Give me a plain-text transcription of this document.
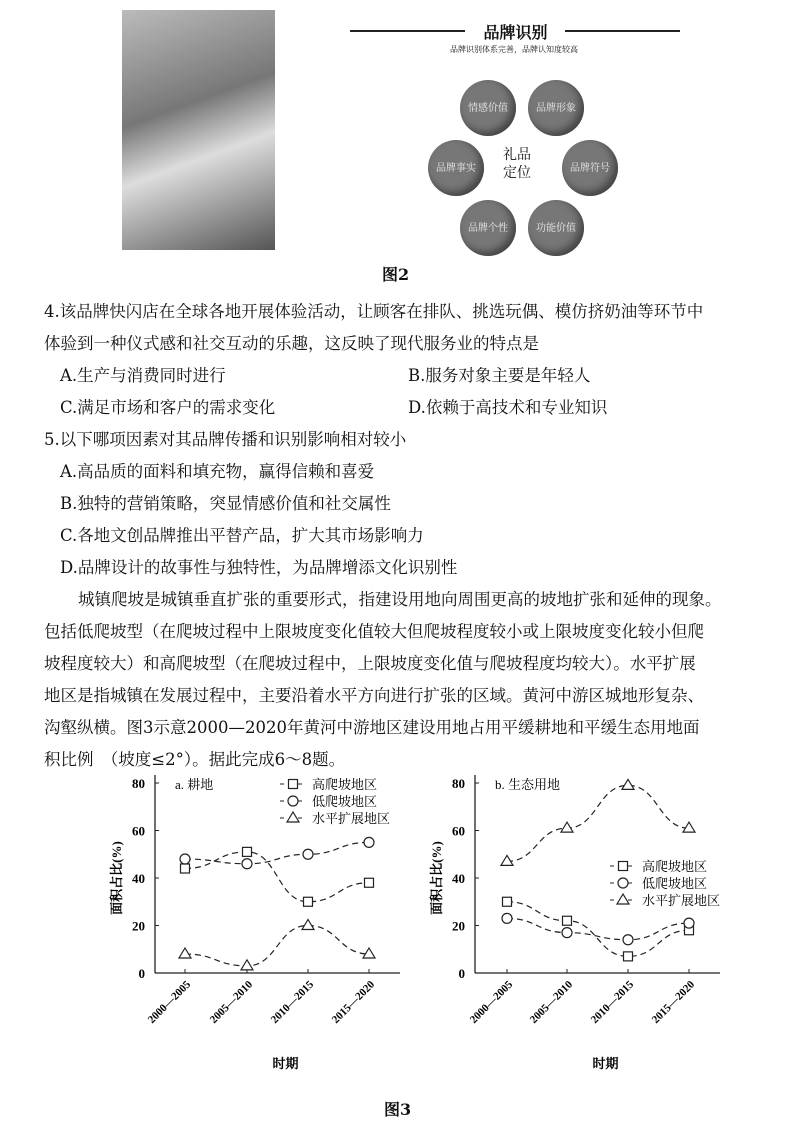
品牌识别
品牌识别体系完善，品牌认知度较高
礼品定位
情感价值	品牌形象
品牌符号
功能价值
品牌个性
品牌事实
图2
4.该品牌快闪店在全球各地开展体验活动，让顾客在排队、挑选玩偶、模仿挤奶油等环节中
体验到一种仪式感和社交互动的乐趣，这反映了现代服务业的特点是
A.生产与消费同时进行	B.服务对象主要是年轻人
C.满足市场和客户的需求变化	D.依赖于高技术和专业知识
5.以下哪项因素对其品牌传播和识别影响相对较小
A.高品质的面料和填充物，赢得信赖和喜爱
B.独特的营销策略，突显情感价值和社交属性
C.各地文创品牌推出平替产品，扩大其市场影响力
D.品牌设计的故事性与独特性，为品牌增添文化识别性
城镇爬坡是城镇垂直扩张的重要形式，指建设用地向周围更高的坡地扩张和延伸的现象。
包括低爬坡型（在爬坡过程中上限坡度变化值较大但爬坡程度较小或上限坡度变化较小但爬
坡程度较大）和高爬坡型（在爬坡过程中，上限坡度变化值与爬坡程度均较大）。水平扩展
地区是指城镇在发展过程中，主要沿着水平方向进行扩张的区域。黄河中游区城地形复杂、
沟壑纵横。图3示意2000—2020年黄河中游地区建设用地占用平缓耕地和平缓生态用地面
积比例　（坡度≤2°）。据此完成6～8题。
0
20
40
60
80
2000—2005 2005—2010 2010—2015 2015—2020
a. 耕地
时期
面积占比(%)
高爬坡地区
低爬坡地区
水平扩展地区
0
20
40
60
80
2000—2005 2005—2010 2010—2015 2015—2020
b. 生态用地
时期
面积占比(%)	高爬坡地区
低爬坡地区
水平扩展地区
图3
